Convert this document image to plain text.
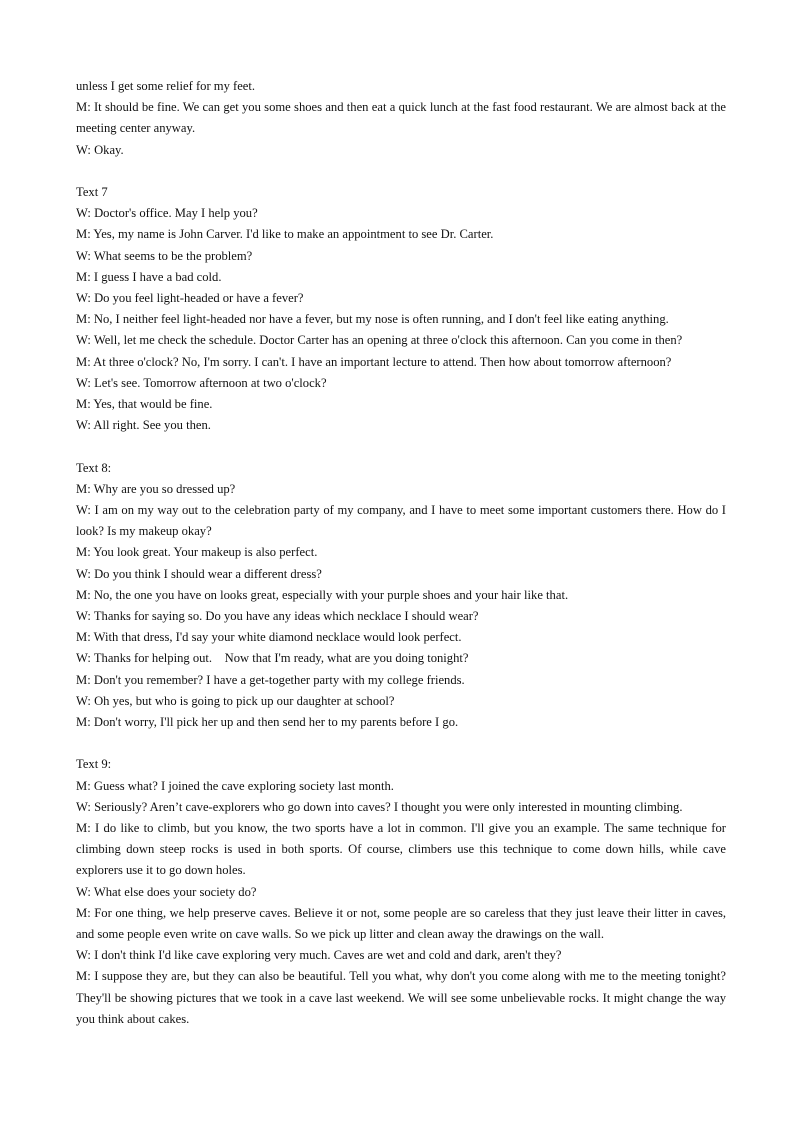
unless I get some relief for my feet.

M: It should be fine. We can get you some shoes and then eat a quick lunch at the fast food restaurant. We are almost back at the meeting center anyway.

W: Okay.

Text 7

W: Doctor's office. May I help you?

M: Yes, my name is John Carver. I'd like to make an appointment to see Dr. Carter.

W: What seems to be the problem?

M: I guess I have a bad cold.

W: Do you feel light-headed or have a fever?

M: No, I neither feel light-headed nor have a fever, but my nose is often running, and I don't feel like eating anything.

W: Well, let me check the schedule. Doctor Carter has an opening at three o'clock this afternoon. Can you come in then?

M: At three o'clock? No, I'm sorry. I can't. I have an important lecture to attend. Then how about tomorrow afternoon?

W: Let's see. Tomorrow afternoon at two o'clock?

M: Yes, that would be fine.

W: All right. See you then.

Text 8:

M: Why are you so dressed up?

W: I am on my way out to the celebration party of my company, and I have to meet some important customers there. How do I look? Is my makeup okay?

M: You look great. Your makeup is also perfect.

W: Do you think I should wear a different dress?

M: No, the one you have on looks great, especially with your purple shoes and your hair like that.

W: Thanks for saying so. Do you have any ideas which necklace I should wear?

M: With that dress, I'd say your white diamond necklace would look perfect.

W: Thanks for helping out.    Now that I'm ready, what are you doing tonight?

M: Don't you remember? I have a get-together party with my college friends.

W: Oh yes, but who is going to pick up our daughter at school?

M: Don't worry, I'll pick her up and then send her to my parents before I go.

Text 9:

M: Guess what? I joined the cave exploring society last month.

W: Seriously? Aren’t cave-explorers who go down into caves? I thought you were only interested in mounting climbing.

M: I do like to climb, but you know, the two sports have a lot in common. I'll give you an example. The same technique for climbing down steep rocks is used in both sports. Of course, climbers use this technique to come down hills, while cave explorers use it to go down holes.

W: What else does your society do?

M: For one thing, we help preserve caves. Believe it or not, some people are so careless that they just leave their litter in caves, and some people even write on cave walls. So we pick up litter and clean away the drawings on the wall.

W: I don't think I'd like cave exploring very much. Caves are wet and cold and dark, aren't they?

M: I suppose they are, but they can also be beautiful. Tell you what, why don't you come along with me to the meeting tonight? They'll be showing pictures that we took in a cave last weekend. We will see some unbelievable rocks. It might change the way you think about cakes.
